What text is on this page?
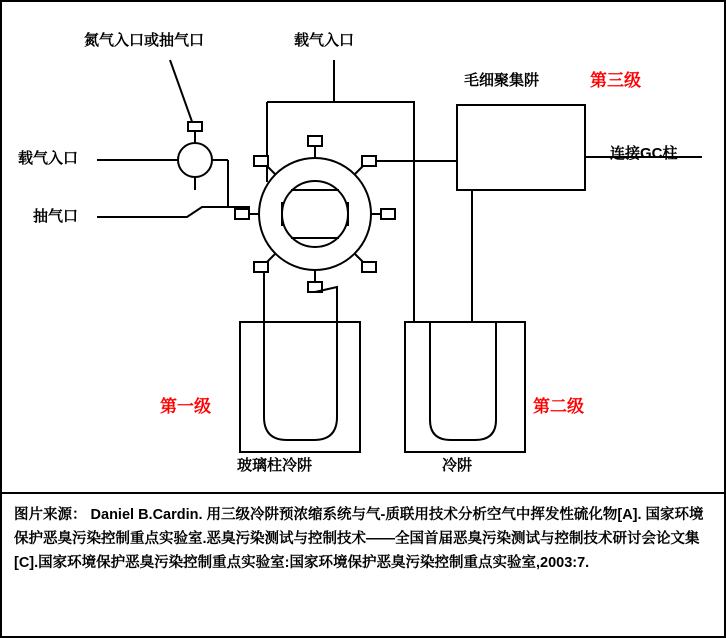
氮气入口或抽气口	载气入口
载气入口
抽气口
毛细聚集阱	第三级
连接GC柱
第一级	第二级
玻璃柱冷阱	冷阱
图片来源： Daniel B.Cardin. 用三级冷阱预浓缩系统与气-质联用技术分析空气中挥发性硫化物[A]. 国家环境保护恶臭污染控制重点实验室.恶臭污染测试与控制技术——全国首届恶臭污染测试与控制技术研讨会论文集[C].国家环境保护恶臭污染控制重点实验室:国家环境保护恶臭污染控制重点实验室,2003:7.
